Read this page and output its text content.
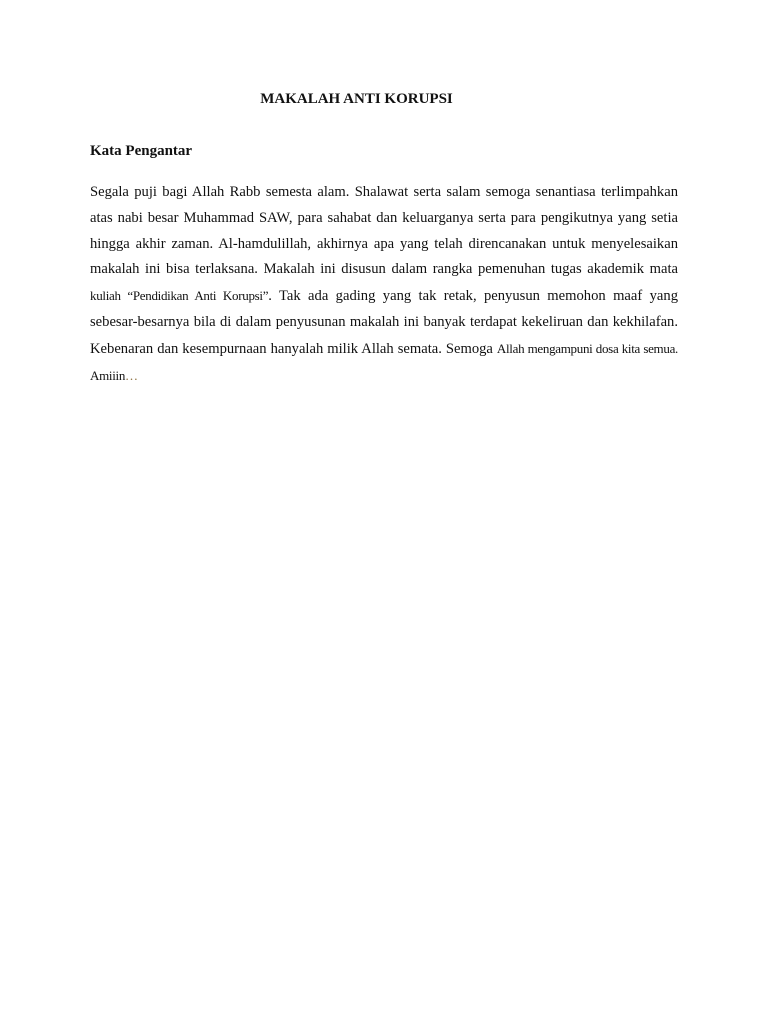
MAKALAH ANTI KORUPSI
Kata Pengantar

Segala puji bagi Allah Rabb semesta alam. Shalawat serta salam semoga senantiasa terlimpahkan atas nabi besar Muhammad SAW, para sahabat dan keluarganya serta para pengikutnya yang setia hingga akhir zaman. Al-hamdulillah, akhirnya apa yang telah direncanakan untuk menyelesaikan makalah ini bisa terlaksana. Makalah ini disusun dalam rangka pemenuhan tugas akademik mata kuliah “Pendidikan Anti Korupsi”. Tak ada gading yang tak retak, penyusun memohon maaf yang sebesar-besarnya bila di dalam penyusunan makalah ini banyak terdapat kekeliruan dan kekhilafan. Kebenaran dan kesempurnaan hanyalah milik Allah semata. Semoga Allah mengampuni dosa kita semua. Amiiin…
